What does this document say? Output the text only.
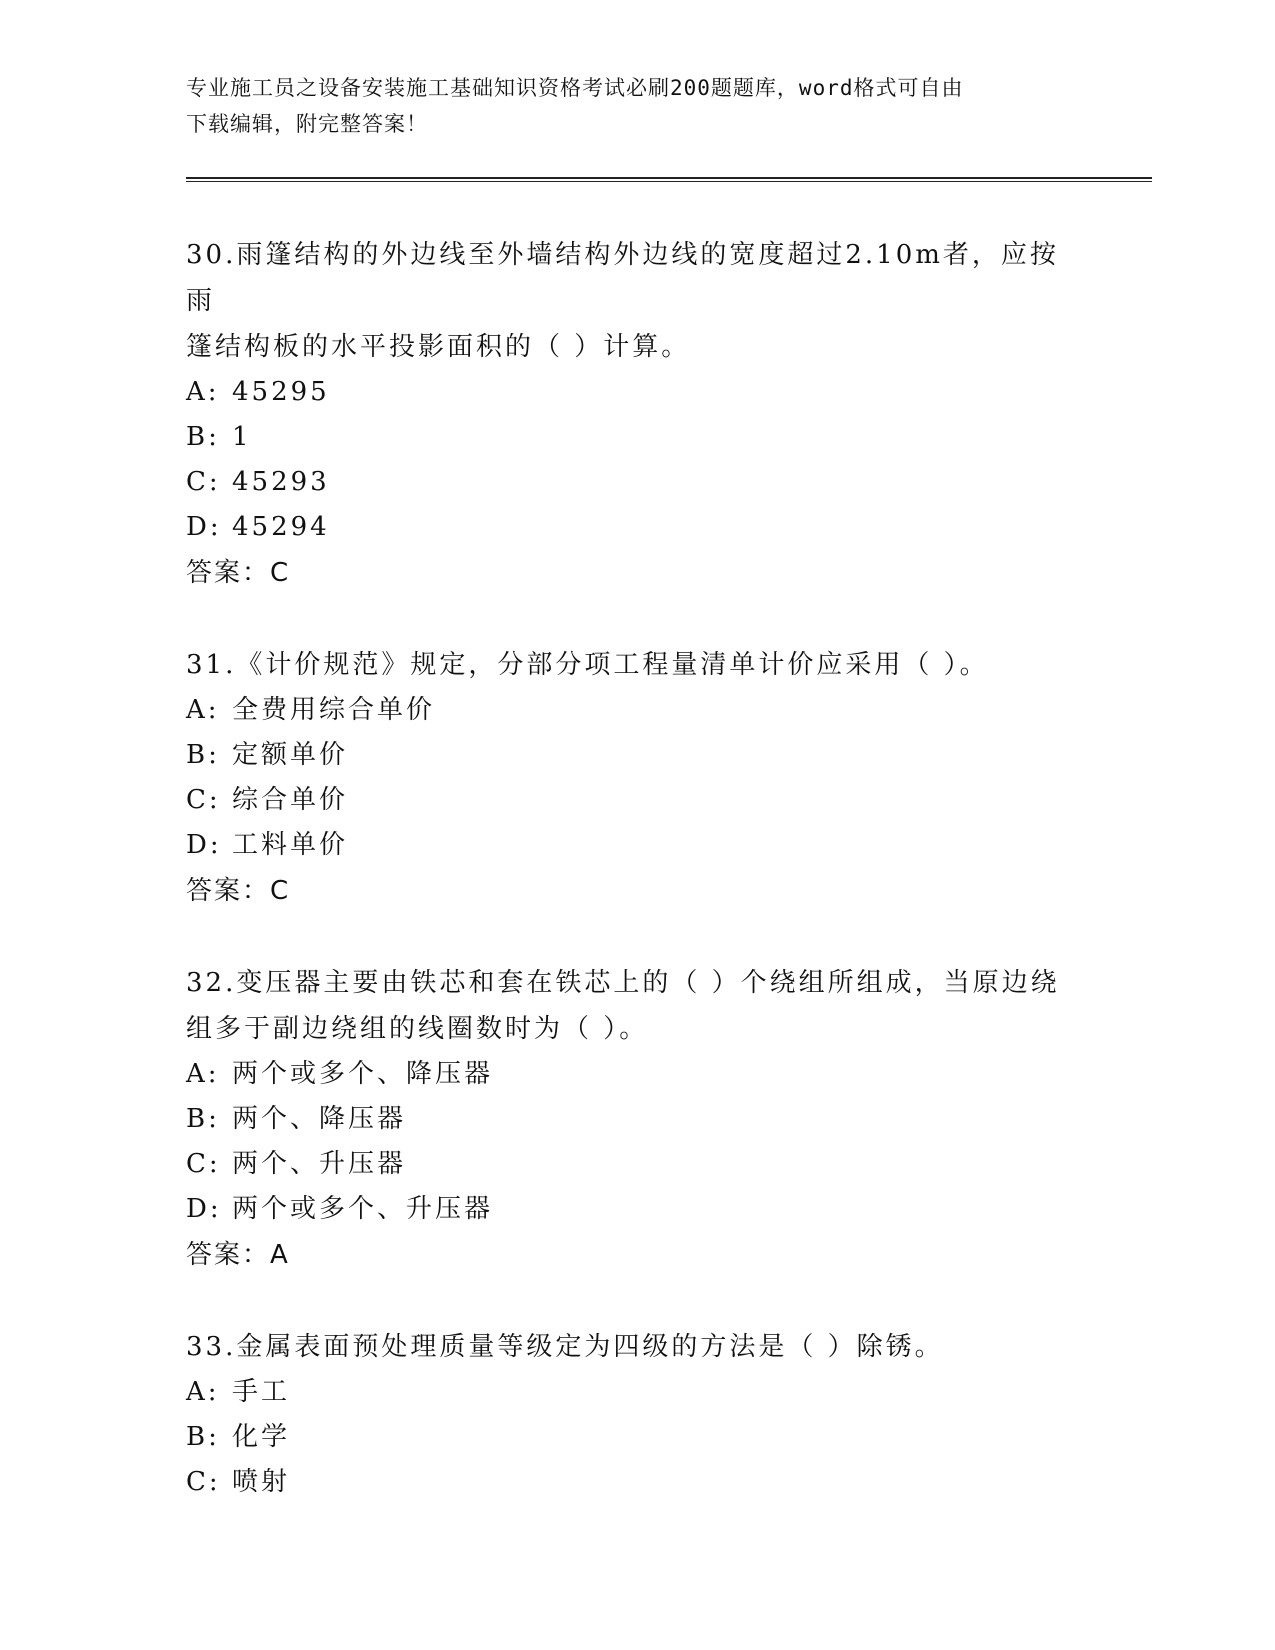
专业施工员之设备安装施工基础知识资格考试必刷200题题库，word格式可自由
下载编辑，附完整答案！

30.雨篷结构的外边线至外墙结构外边线的宽度超过2.10m者，应按雨
篷结构板的水平投影面积的（ ）计算。

A: 45295

B: 1

C: 45293

D: 45294

答案：C

31.《计价规范》规定，分部分项工程量清单计价应采用（ ）。

A: 全费用综合单价

B: 定额单价

C: 综合单价

D: 工料单价

答案：C

32.变压器主要由铁芯和套在铁芯上的（ ）个绕组所组成，当原边绕
组多于副边绕组的线圈数时为（ ）。

A: 两个或多个、降压器

B: 两个、降压器

C: 两个、升压器

D: 两个或多个、升压器

答案：A

33.金属表面预处理质量等级定为四级的方法是（ ）除锈。

A: 手工

B: 化学

C: 喷射
